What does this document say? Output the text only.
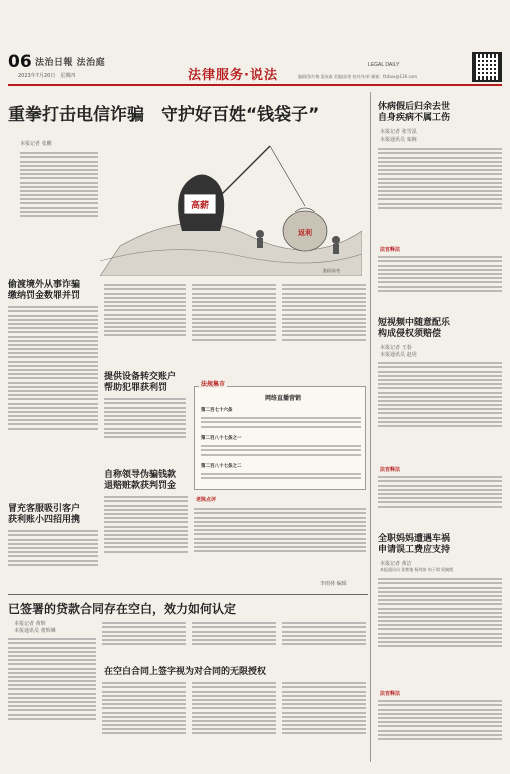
06 法治日報 法治庭
2023年7月20日　星期四	法律服务·说法
LEGAL DAILY
编辑/张红梅 梁成森 美编/高尧 校对/宋单 邮箱：fzrbxx@126.com
重拳打击电信诈骗　守护好百姓“钱袋子”
本报记者 张鹏
高薪
返利
漫画/高尧
休病假后归余去世
自身疾病不属工伤
本报记者 张雪泓
本报通讯员 栾婉
法官释法
短视频中随意配乐
构成侵权须赔偿
本报记者 王春
本报通讯员 赵玥
法官释法
全职妈妈遭遇车祸
申请误工费应支持
本报记者 黄洁
本报通讯员 张紫婧 杨剑冰 冉子琪 侯婉霞
法官释法
偷渡境外从事诈骗
缴纳罚金数罪并罚
冒充客服吸引客户
获利账小四招用携
提供设备转交账户
帮助犯罪获利罚	法规集市
网络直播营销
第二百七十六条
第二百八十七条之一
第二百八十七条之二
老陈点评
李雨林 编辑
自称领导伪骗钱款
退赔赃款获判罚金
已签署的贷款合同存在空白，效力如何认定
本报记者 黄辉
本报通讯员 黄辉琳
在空白合同上签字视为对合同的无限授权
